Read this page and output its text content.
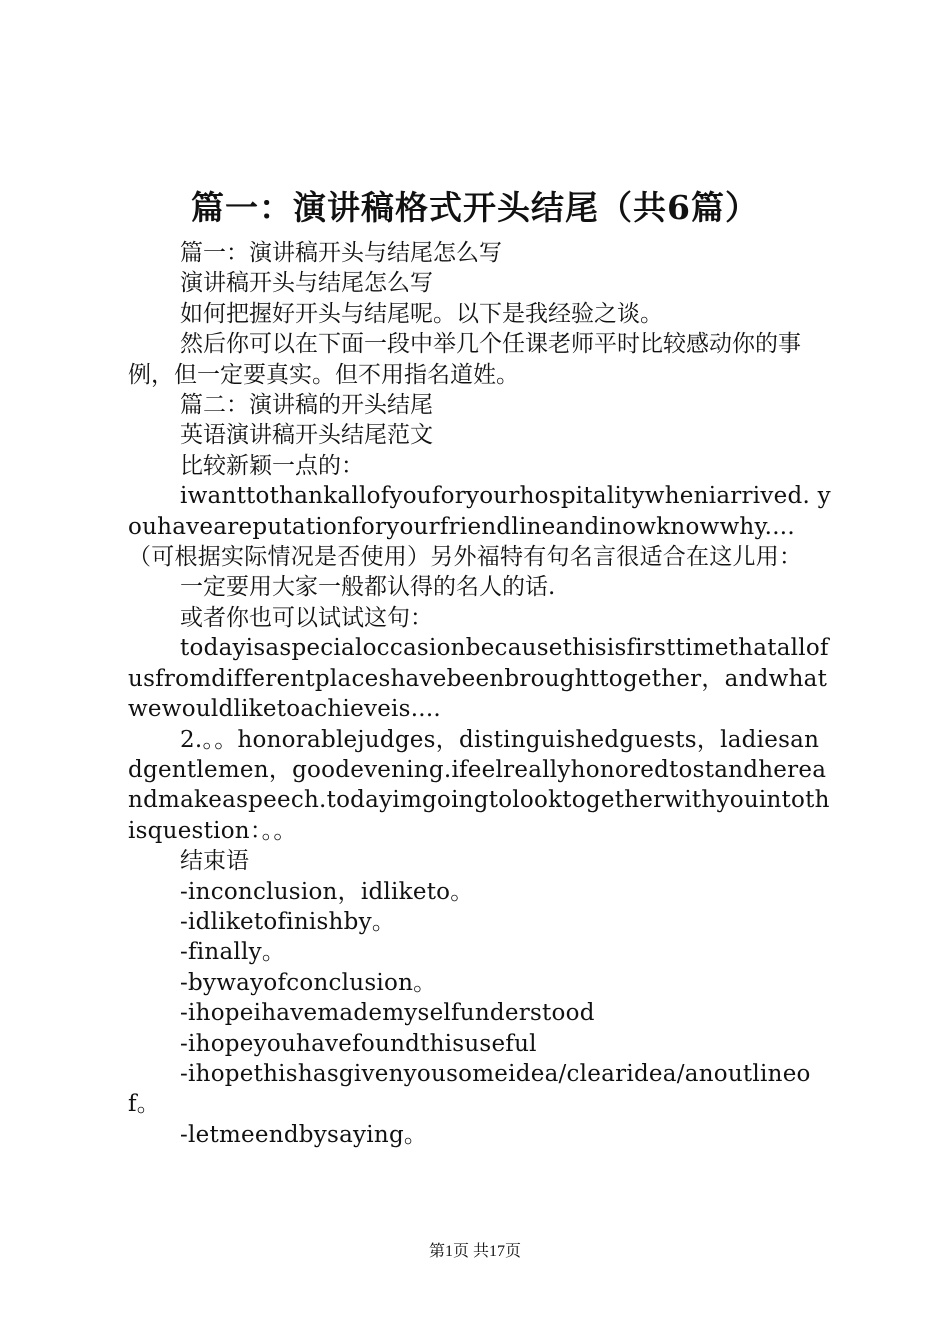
篇一：演讲稿格式开头结尾（共6篇）

篇一：演讲稿开头与结尾怎么写

演讲稿开头与结尾怎么写

如何把握好开头与结尾呢。以下是我经验之谈。

然后你可以在下面一段中举几个任课老师平时比较感动你的事例，但一定要真实。但不用指名道姓。

篇二：演讲稿的开头结尾

英语演讲稿开头结尾范文

比较新颖一点的：

iwanttothankallofyouforyourhospitalitywheniarrived. youhaveareputationforyourfriendlineandinowknowwhy....（可根据实际情况是否使用）另外福特有句名言很适合在这儿用：

一定要用大家一般都认得的名人的话.

或者你也可以试试这句：

todayisaspecialoccasionbecausethisisfirsttimethatallofusfromdifferentplaceshavebeenbroughttogether，andwhatwewouldliketoachieveis....

2.。。honorablejudges，distinguishedguests，ladiesandgentlemen，goodevening.ifeelreallyhonoredtostandhereandmakeaspeech.todayimgoingtolooktogetherwithyouintothisquestion：。。

结束语

-inconclusion，idliketo。

-idliketofinishby。

-finally。

-bywayofconclusion。

-ihopeihavemademyselfunderstood

-ihopeyouhavefoundthisuseful

-ihopethishasgivenyousomeidea/clearidea/anoutlineof。

-letmeendbysaying。

第1页 共17页
